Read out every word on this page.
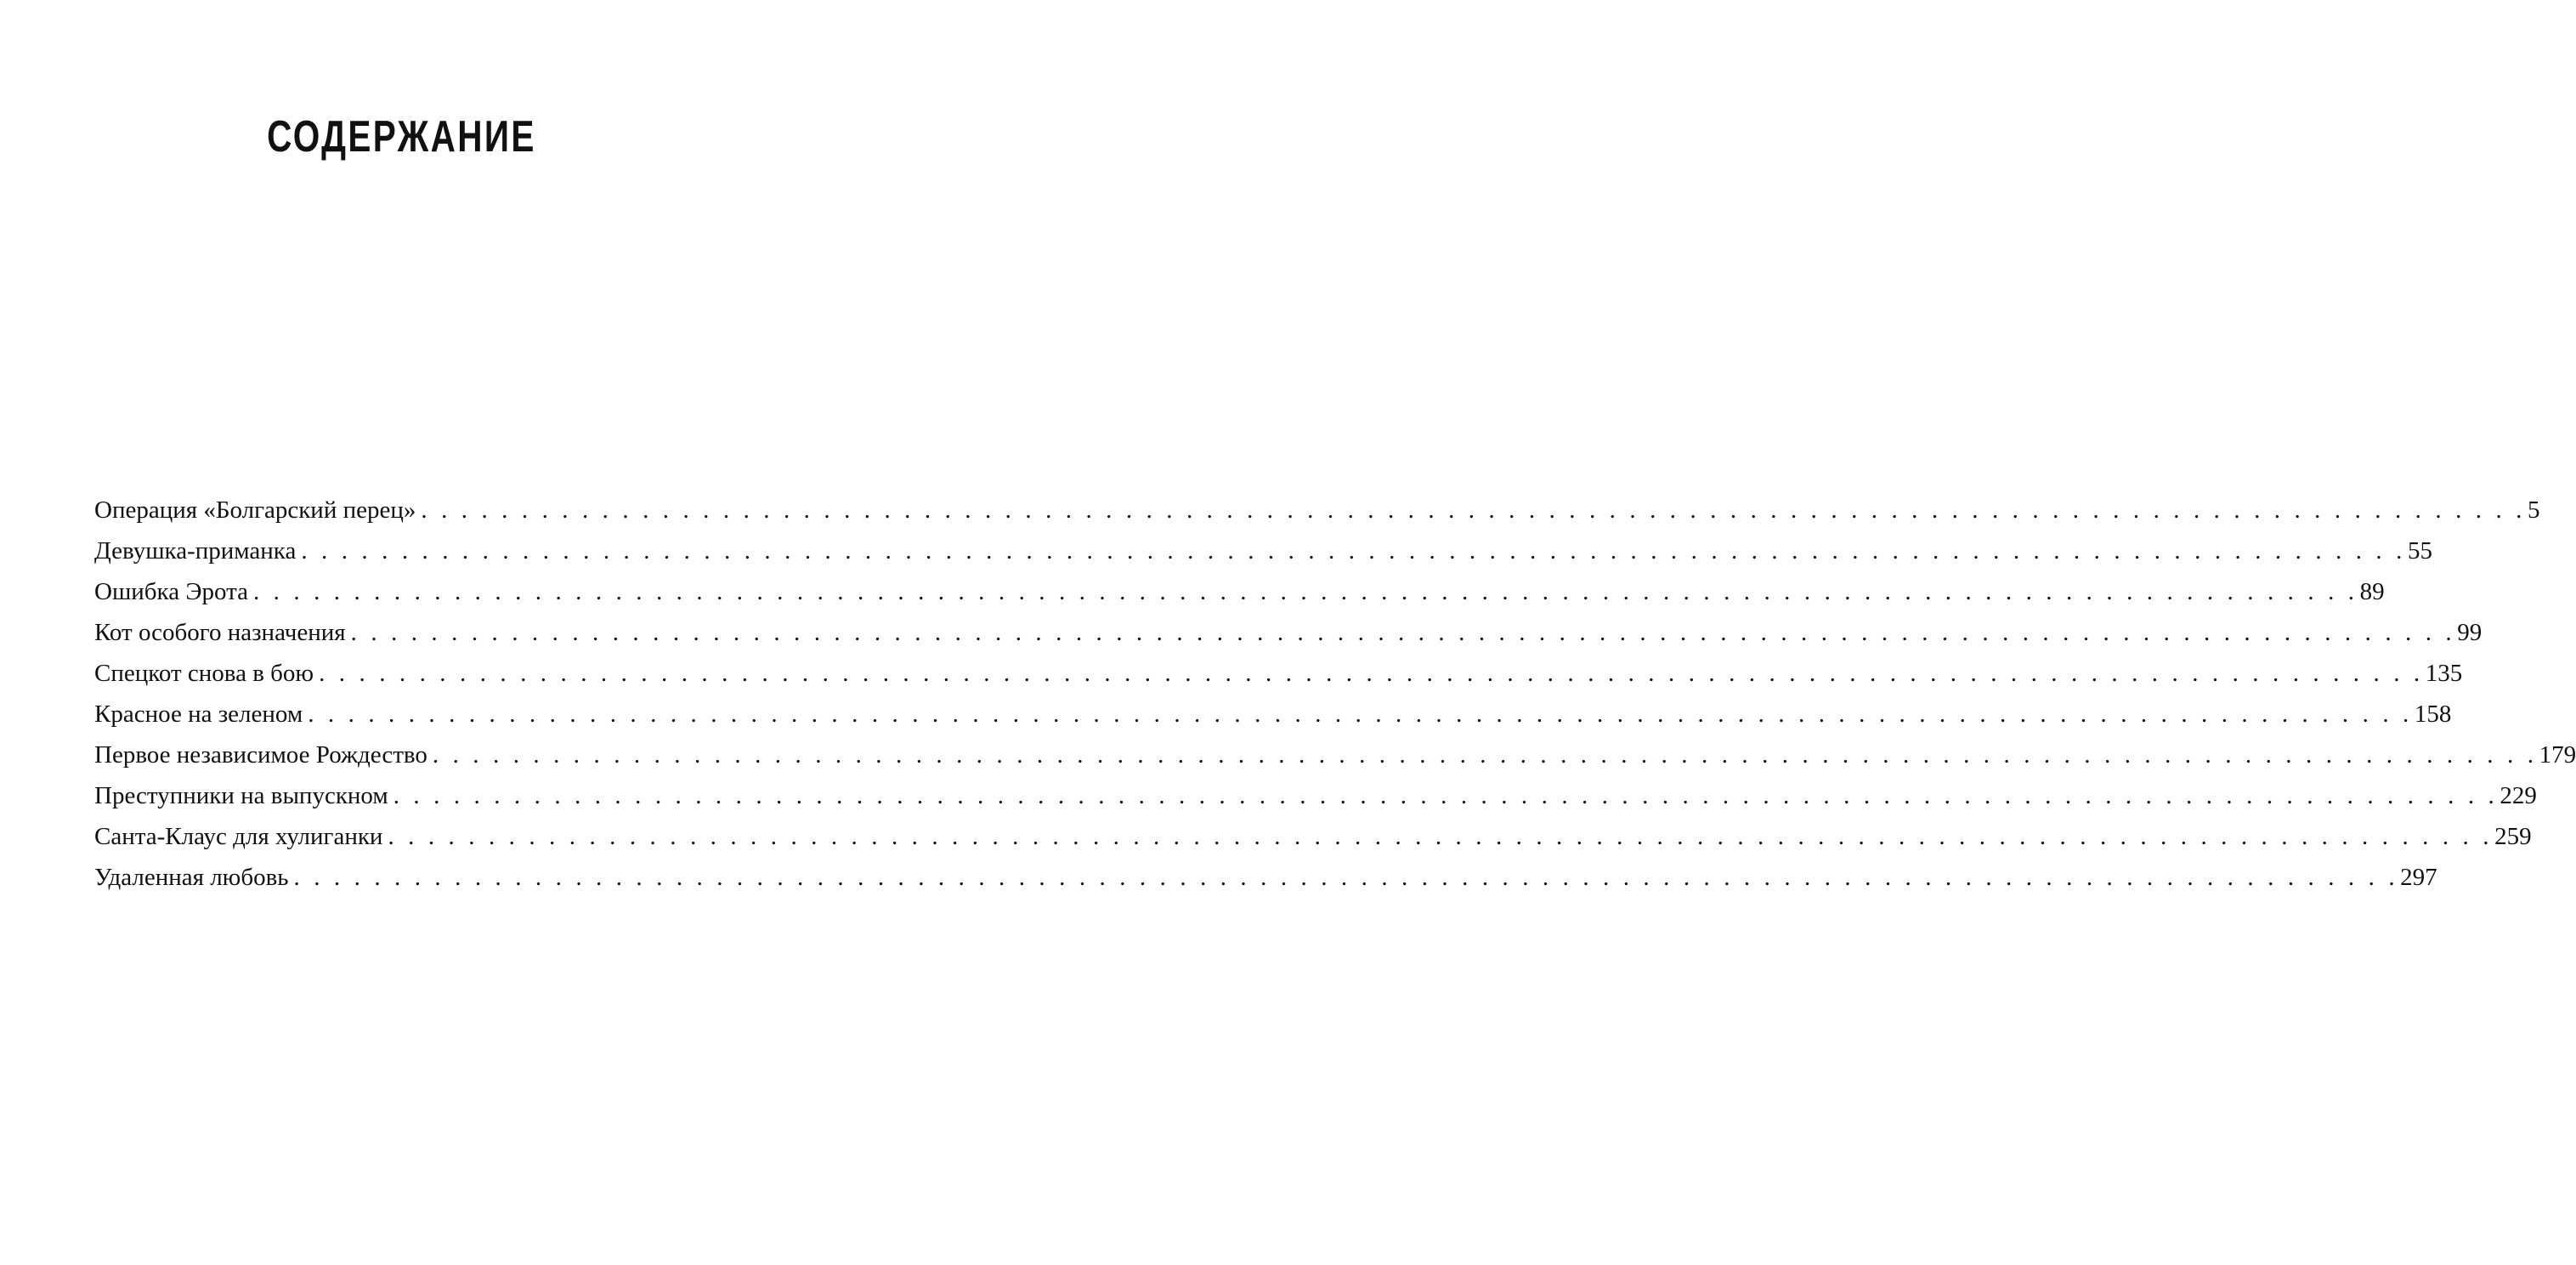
СОДЕРЖАНИЕ
Операция «Болгарский перец» . . . . . . . . . . . . . . . . . . . . . . . . . . . . . . . . . . . . . . . . . . . . . . . . . . . . . . . . . . . . . . . . . . . . . . . . . . . . . . . . . . . . . . . . . . . . . . . . . . . . . . . . . 5
Девушка-приманка . . . . . . . . . . . . . . . . . . . . . . . . . . . . . . . . . . . . . . . . . . . . . . . . . . . . . . . . . . . . . . . . . . . . . . . . . . . . . . . . . . . . . . . . . . . . . . . . . . . . . . . . . 55
Ошибка Эрота . . . . . . . . . . . . . . . . . . . . . . . . . . . . . . . . . . . . . . . . . . . . . . . . . . . . . . . . . . . . . . . . . . . . . . . . . . . . . . . . . . . . . . . . . . . . . . . . . . . . . . . . . 89
Кот особого назначения . . . . . . . . . . . . . . . . . . . . . . . . . . . . . . . . . . . . . . . . . . . . . . . . . . . . . . . . . . . . . . . . . . . . . . . . . . . . . . . . . . . . . . . . . . . . . . . . . . . . . . . . . 99
Спецкот снова в бою . . . . . . . . . . . . . . . . . . . . . . . . . . . . . . . . . . . . . . . . . . . . . . . . . . . . . . . . . . . . . . . . . . . . . . . . . . . . . . . . . . . . . . . . . . . . . . . . . . . . . . . . . 135
Красное на зеленом . . . . . . . . . . . . . . . . . . . . . . . . . . . . . . . . . . . . . . . . . . . . . . . . . . . . . . . . . . . . . . . . . . . . . . . . . . . . . . . . . . . . . . . . . . . . . . . . . . . . . . . . . 158
Первое независимое Рождество . . . . . . . . . . . . . . . . . . . . . . . . . . . . . . . . . . . . . . . . . . . . . . . . . . . . . . . . . . . . . . . . . . . . . . . . . . . . . . . . . . . . . . . . . . . . . . . . . . . . . . . . . 179
Преступники на выпускном . . . . . . . . . . . . . . . . . . . . . . . . . . . . . . . . . . . . . . . . . . . . . . . . . . . . . . . . . . . . . . . . . . . . . . . . . . . . . . . . . . . . . . . . . . . . . . . . . . . . . . . . . 229
Санта-Клаус для хулиганки . . . . . . . . . . . . . . . . . . . . . . . . . . . . . . . . . . . . . . . . . . . . . . . . . . . . . . . . . . . . . . . . . . . . . . . . . . . . . . . . . . . . . . . . . . . . . . . . . . . . . . . . . 259
Удаленная любовь . . . . . . . . . . . . . . . . . . . . . . . . . . . . . . . . . . . . . . . . . . . . . . . . . . . . . . . . . . . . . . . . . . . . . . . . . . . . . . . . . . . . . . . . . . . . . . . . . . . . . . . . . 297
